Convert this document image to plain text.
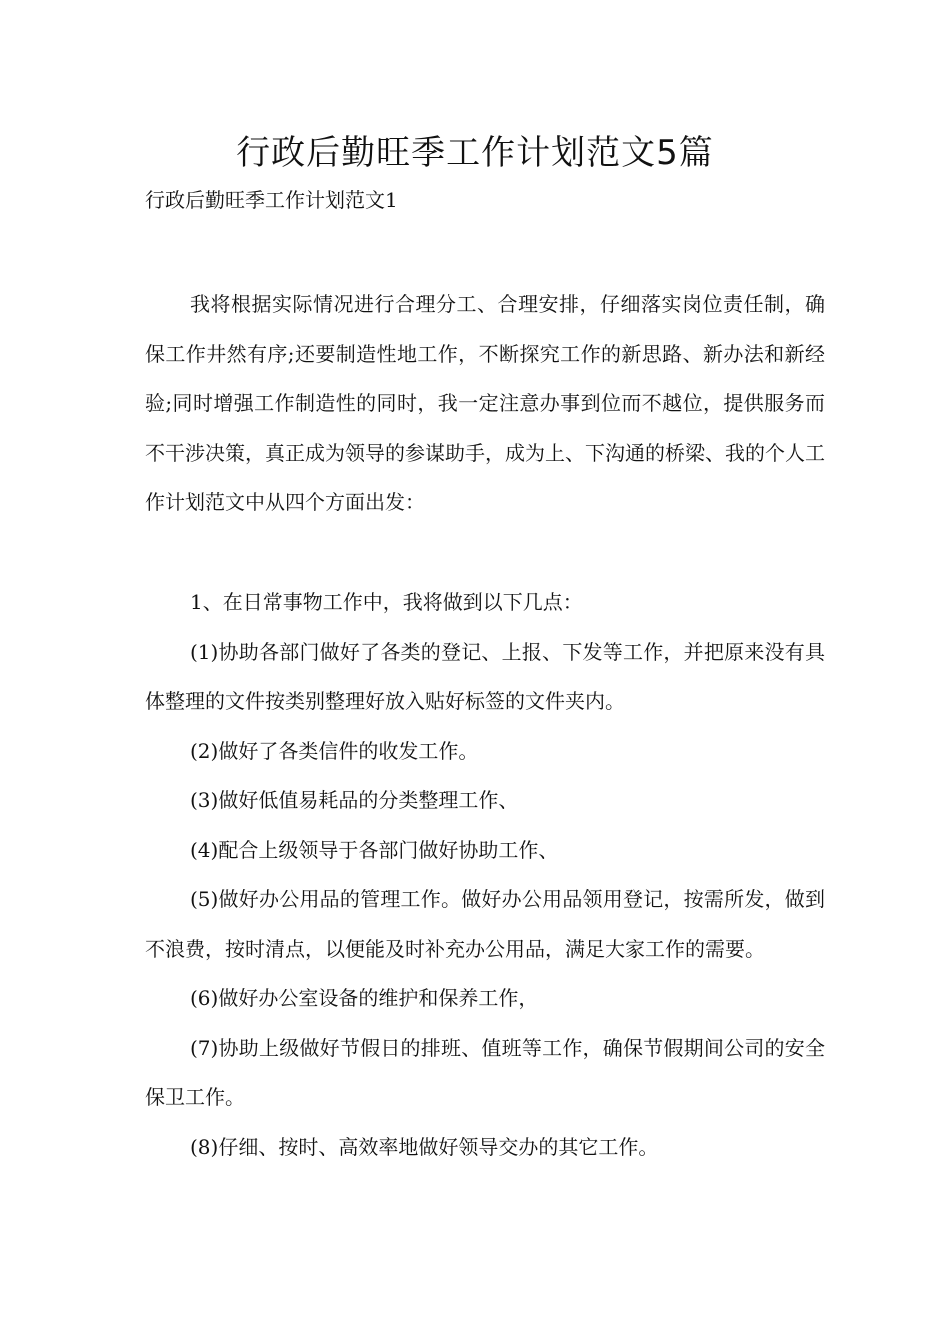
行政后勤旺季工作计划范文5篇
行政后勤旺季工作计划范文1

我将根据实际情况进行合理分工、合理安排，仔细落实岗位责任制，确保工作井然有序;还要制造性地工作，不断探究工作的新思路、新办法和新经验;同时增强工作制造性的同时，我一定注意办事到位而不越位，提供服务而不干涉决策，真正成为领导的参谋助手，成为上、下沟通的桥梁、我的个人工作计划范文中从四个方面出发：

1、在日常事物工作中，我将做到以下几点：

(1)协助各部门做好了各类的登记、上报、下发等工作，并把原来没有具体整理的文件按类别整理好放入贴好标签的文件夹内。

(2)做好了各类信件的收发工作。

(3)做好低值易耗品的分类整理工作、

(4)配合上级领导于各部门做好协助工作、

(5)做好办公用品的管理工作。做好办公用品领用登记，按需所发，做到不浪费，按时清点，以便能及时补充办公用品，满足大家工作的需要。

(6)做好办公室设备的维护和保养工作，

(7)协助上级做好节假日的排班、值班等工作，确保节假期间公司的安全保卫工作。

(8)仔细、按时、高效率地做好领导交办的其它工作。
